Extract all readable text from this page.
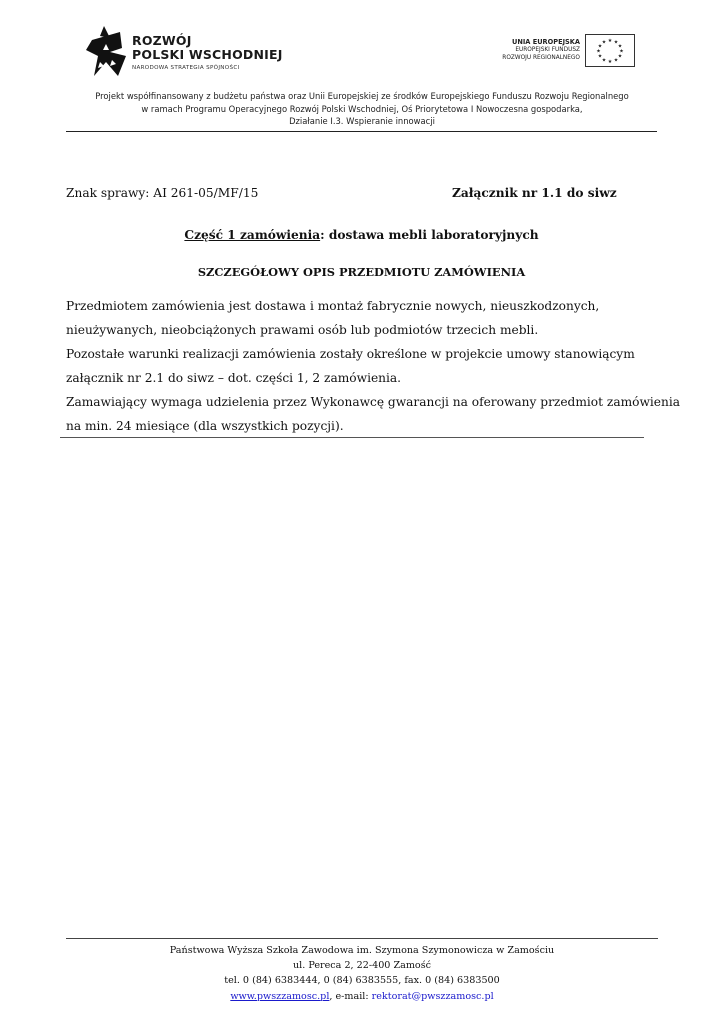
ROZWÓJ
POLSKI WSCHODNIEJ
NARODOWA STRATEGIA SPÓJNOŚCI
UNIA EUROPEJSKA
EUROPEJSKI FUNDUSZ
ROZWOJU REGIONALNEGO
★ ★
★
★
★
★
★
★
★
★
★
★
Projekt współfinansowany z budżetu państwa oraz Unii Europejskiej ze środków Europejskiego Funduszu Rozwoju Regionalnego
w ramach Programu Operacyjnego Rozwój Polski Wschodniej, Oś Priorytetowa I Nowoczesna gospodarka,
Działanie I.3. Wspieranie innowacji
Znak sprawy: AI 261-05/MF/15	Załącznik nr 1.1 do siwz
Część 1 zamówienia: dostawa mebli laboratoryjnych
SZCZEGÓŁOWY OPIS PRZEDMIOTU ZAMÓWIENIA

Przedmiotem zamówienia jest dostawa i montaż fabrycznie nowych, nieuszkodzonych,

nieużywanych, nieobciążonych prawami osób lub podmiotów trzecich mebli.

Pozostałe warunki realizacji zamówienia zostały określone w projekcie umowy stanowiącym

załącznik nr 2.1 do siwz – dot. części 1, 2 zamówienia.

Zamawiający wymaga udzielenia przez Wykonawcę gwarancji na oferowany przedmiot zamówienia

na min. 24 miesiące (dla wszystkich pozycji).

Państwowa Wyższa Szkoła Zawodowa im. Szymona Szymonowicza w Zamościu

ul. Pereca 2, 22-400 Zamość

tel. 0 (84) 6383444, 0 (84) 6383555, fax. 0 (84) 6383500

www.pwszzamosc.pl, e-mail: rektorat@pwszzamosc.pl
